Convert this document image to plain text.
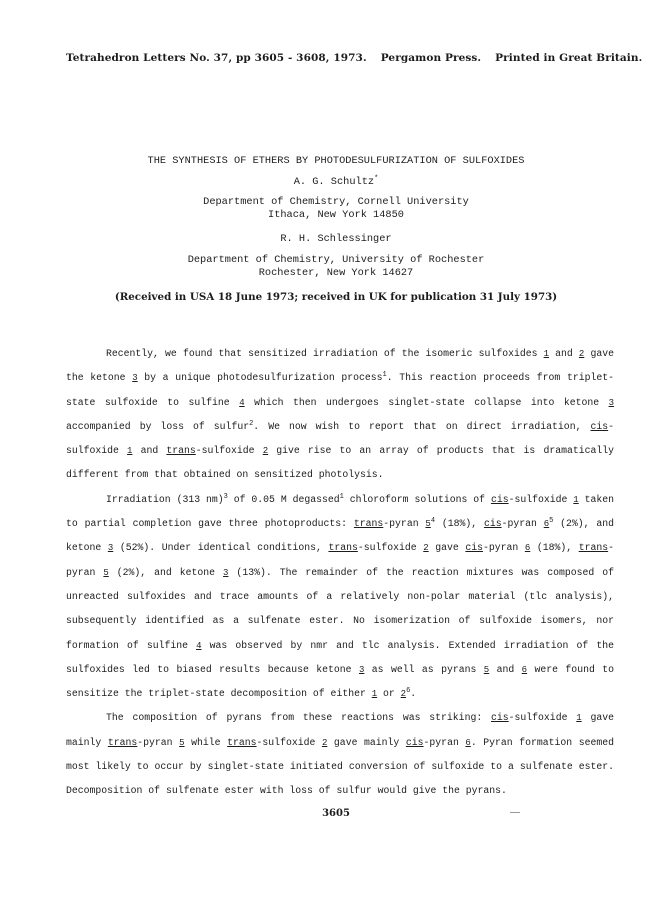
Tetrahedron Letters No. 37, pp 3605 - 3608, 1973. Pergamon Press. Printed in Great Britain.
THE SYNTHESIS OF ETHERS BY PHOTODESULFURIZATION OF SULFOXIDES
A. G. Schultz*
Department of Chemistry, Cornell University
Ithaca, New York 14850
R. H. Schlessinger
Department of Chemistry, University of Rochester
Rochester, New York 14627
(Received in USA 18 June 1973; received in UK for publication 31 July 1973)

Recently, we found that sensitized irradiation of the isomeric sulfoxides 1 and 2 gave the ketone 3 by a unique photodesulfurization process$^1$. This reaction proceeds from triplet-state sulfoxide to sulfine 4 which then undergoes singlet-state collapse into ketone 3 accompanied by loss of sulfur$^2$. We now wish to report that on direct irradiation, cis-sulfoxide 1 and trans-sulfoxide 2 give rise to an array of products that is dramatically different from that obtained on sensitized photolysis.

Irradiation (313 nm)$^3$ of 0.05 M degassed$^1$ chloroform solutions of cis-sulfoxide 1 taken to partial completion gave three photoproducts: trans-pyran $5^4$ (18%), cis-pyran $6^5$ (2%), and ketone 3 (52%). Under identical conditions, trans-sulfoxide 2 gave cis-pyran 6 (18%), trans-pyran 5 (2%), and ketone 3 (13%). The remainder of the reaction mixtures was composed of unreacted sulfoxides and trace amounts of a relatively non-polar material (tlc analysis), subsequently identified as a sulfenate ester. No isomerization of sulfoxide isomers, nor formation of sulfine 4 was observed by nmr and tlc analysis. Extended irradiation of the sulfoxides led to biased results because ketone 3 as well as pyrans 5 and 6 were found to sensitize the triplet-state decomposition of either 1 or $2^6$.

The composition of pyrans from these reactions was striking: cis-sulfoxide 1 gave mainly trans-pyran 5 while trans-sulfoxide 2 gave mainly cis-pyran 6. Pyran formation seemed most likely to occur by singlet-state initiated conversion of sulfoxide to a sulfenate ester. Decomposition of sulfenate ester with loss of sulfur would give the pyrans.

3605
